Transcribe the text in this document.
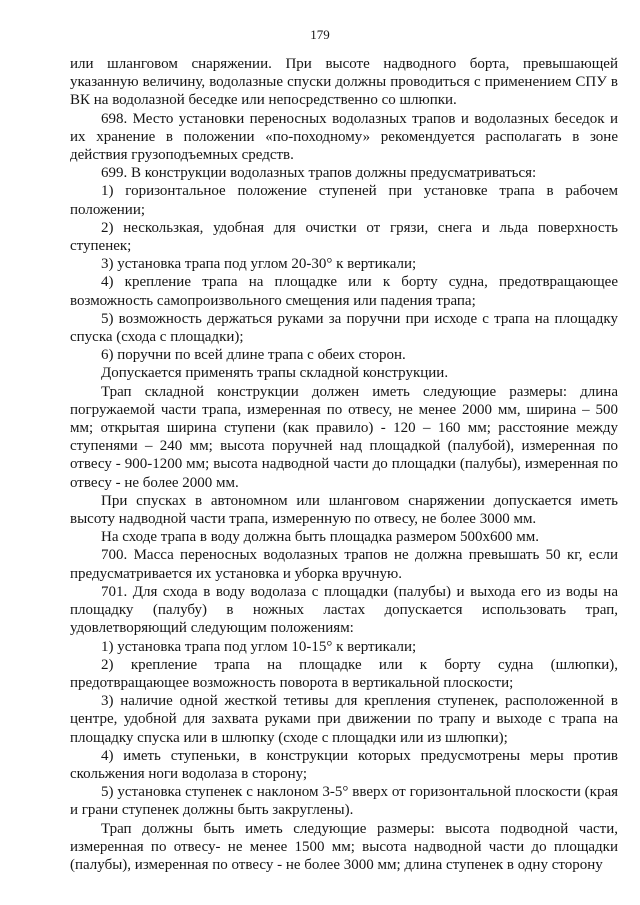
179

или шланговом снаряжении. При высоте надводного борта, превышающей указанную величину, водолазные спуски должны проводиться с применением СПУ в ВК на водолазной беседке или непосредственно со шлюпки.

698. Место установки переносных водолазных трапов и водолазных беседок и их хранение в положении «по-походному» рекомендуется располагать в зоне действия грузоподъемных средств.

699. В конструкции водолазных трапов должны предусматриваться:

1) горизонтальное положение ступеней при установке трапа в рабочем положении;

2) нескользкая, удобная для очистки от грязи, снега и льда поверхность ступенек;

3) установка трапа под углом 20-30° к вертикали;

4) крепление трапа на площадке или к борту судна, предотвращающее возможность самопроизвольного смещения или падения трапа;

5) возможность держаться руками за поручни при исходе с трапа на площадку спуска (схода с площадки);

6) поручни по всей длине трапа с обеих сторон.

Допускается применять трапы складной конструкции.

Трап складной конструкции должен иметь следующие размеры: длина погружаемой части трапа, измеренная по отвесу, не менее 2000 мм, ширина – 500 мм; открытая ширина ступени (как правило) - 120 – 160 мм; расстояние между ступенями – 240 мм; высота поручней над площадкой (палубой), измеренная по отвесу - 900-1200 мм; высота надводной части до площадки (палубы), измеренная по отвесу - не более 2000 мм.

При спусках в автономном или шланговом снаряжении допускается иметь высоту надводной части трапа, измеренную по отвесу, не более 3000 мм.

На сходе трапа в воду должна быть площадка размером 500х600 мм.

700. Масса переносных водолазных трапов не должна превышать 50 кг, если предусматривается их установка и уборка вручную.

701. Для схода в воду водолаза с площадки (палубы) и выхода его из воды на площадку (палубу) в ножных ластах допускается использовать трап, удовлетворяющий следующим положениям:

1) установка трапа под углом 10-15° к вертикали;

2) крепление трапа на площадке или к борту судна (шлюпки), предотвращающее возможность поворота в вертикальной плоскости;

3) наличие одной жесткой тетивы для крепления ступенек, расположенной в центре, удобной для захвата руками при движении по трапу и выходе с трапа на площадку спуска или в шлюпку (сходе с площадки или из шлюпки);

4) иметь ступеньки, в конструкции которых предусмотрены меры против скольжения ноги водолаза в сторону;

5) установка ступенек с наклоном 3-5° вверх от горизонтальной плоскости (края и грани ступенек должны быть закруглены).

Трап должны быть иметь следующие размеры: высота подводной части, измеренная по отвесу- не менее 1500 мм; высота надводной части до площадки (палубы), измеренная по отвесу - не более 3000 мм; длина ступенек в одну сторону
